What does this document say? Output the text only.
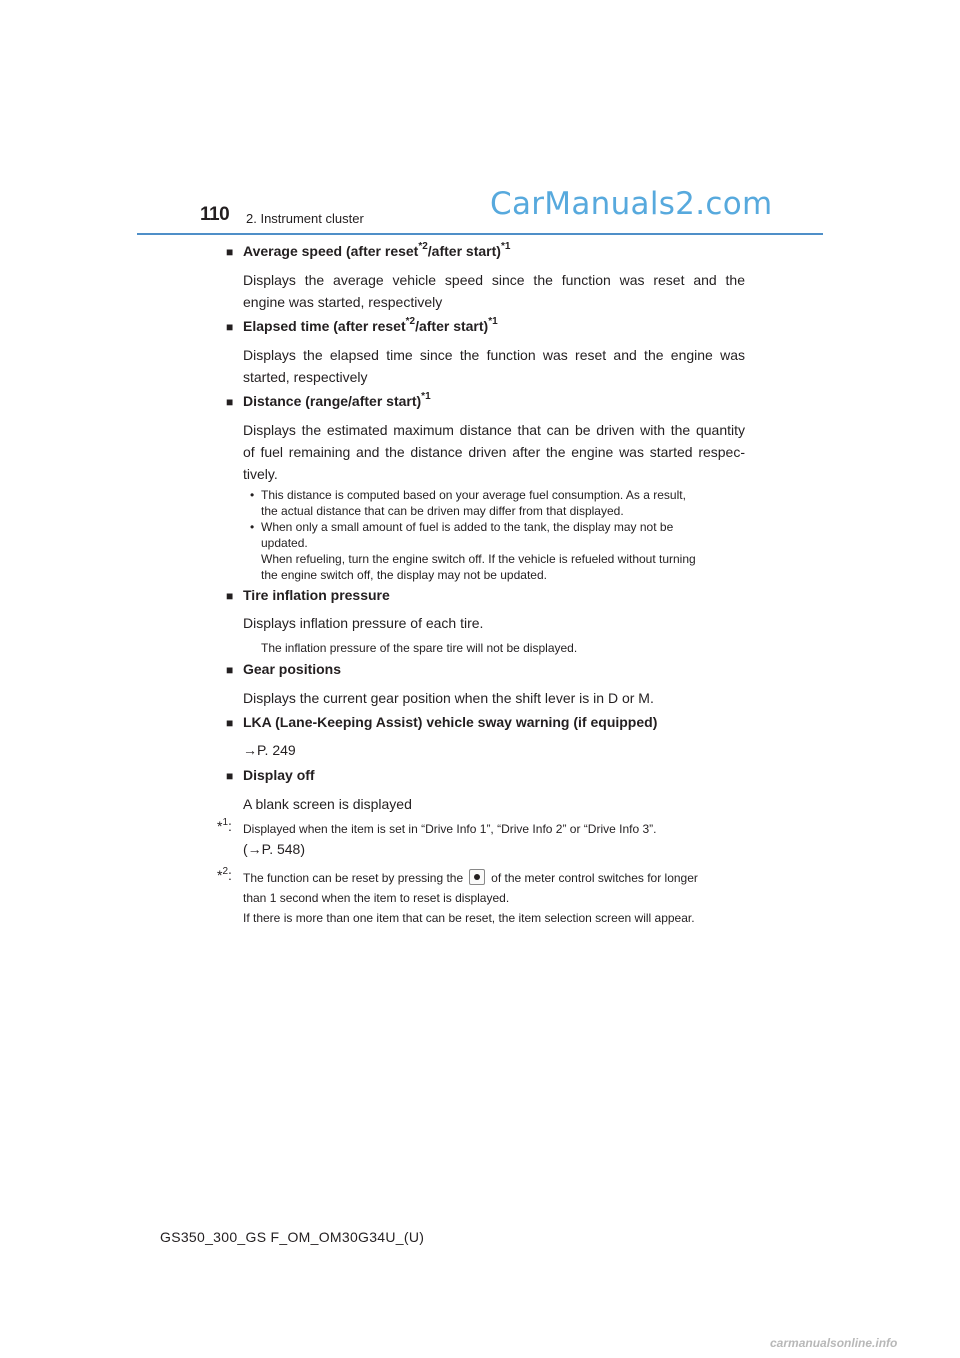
110 2. Instrument cluster	CarManuals2.com
■ Average speed (after reset$^{*2}$/after start)$^{*1}$
Displays the average vehicle speed since the function was reset and the
engine was started, respectively
■ Elapsed time (after reset$^{*2}$/after start)$^{*1}$
Displays the elapsed time since the function was reset and the engine was
started, respectively
■ Distance (range/after start)$^{*1}$
Displays the estimated maximum distance that can be driven with the quantity
of fuel remaining and the distance driven after the engine was started respec-
tively.
• This distance is computed based on your average fuel consumption. As a result,
the actual distance that can be driven may differ from that displayed.
• When only a small amount of fuel is added to the tank, the display may not be
updated.
When refueling, turn the engine switch off. If the vehicle is refueled without turning
the engine switch off, the display may not be updated.
■ Tire inflation pressure
Displays inflation pressure of each tire.
The inflation pressure of the spare tire will not be displayed.
■ Gear positions
Displays the current gear position when the shift lever is in D or M.
■ LKA (Lane-Keeping Assist) vehicle sway warning (if equipped)
→P. 249
■ Display off
A blank screen is displayed
*$^1$: Displayed when the item is set in “Drive Info 1”, “Drive Info 2” or “Drive Info 3”.
(→P. 548)
*$^2$: The function can be reset by pressing the of the meter control switches for longer
than 1 second when the item to reset is displayed.
If there is more than one item that can be reset, the item selection screen will appear.
GS350_300_GS F_OM_OM30G34U_(U)
carmanualsonline.info
